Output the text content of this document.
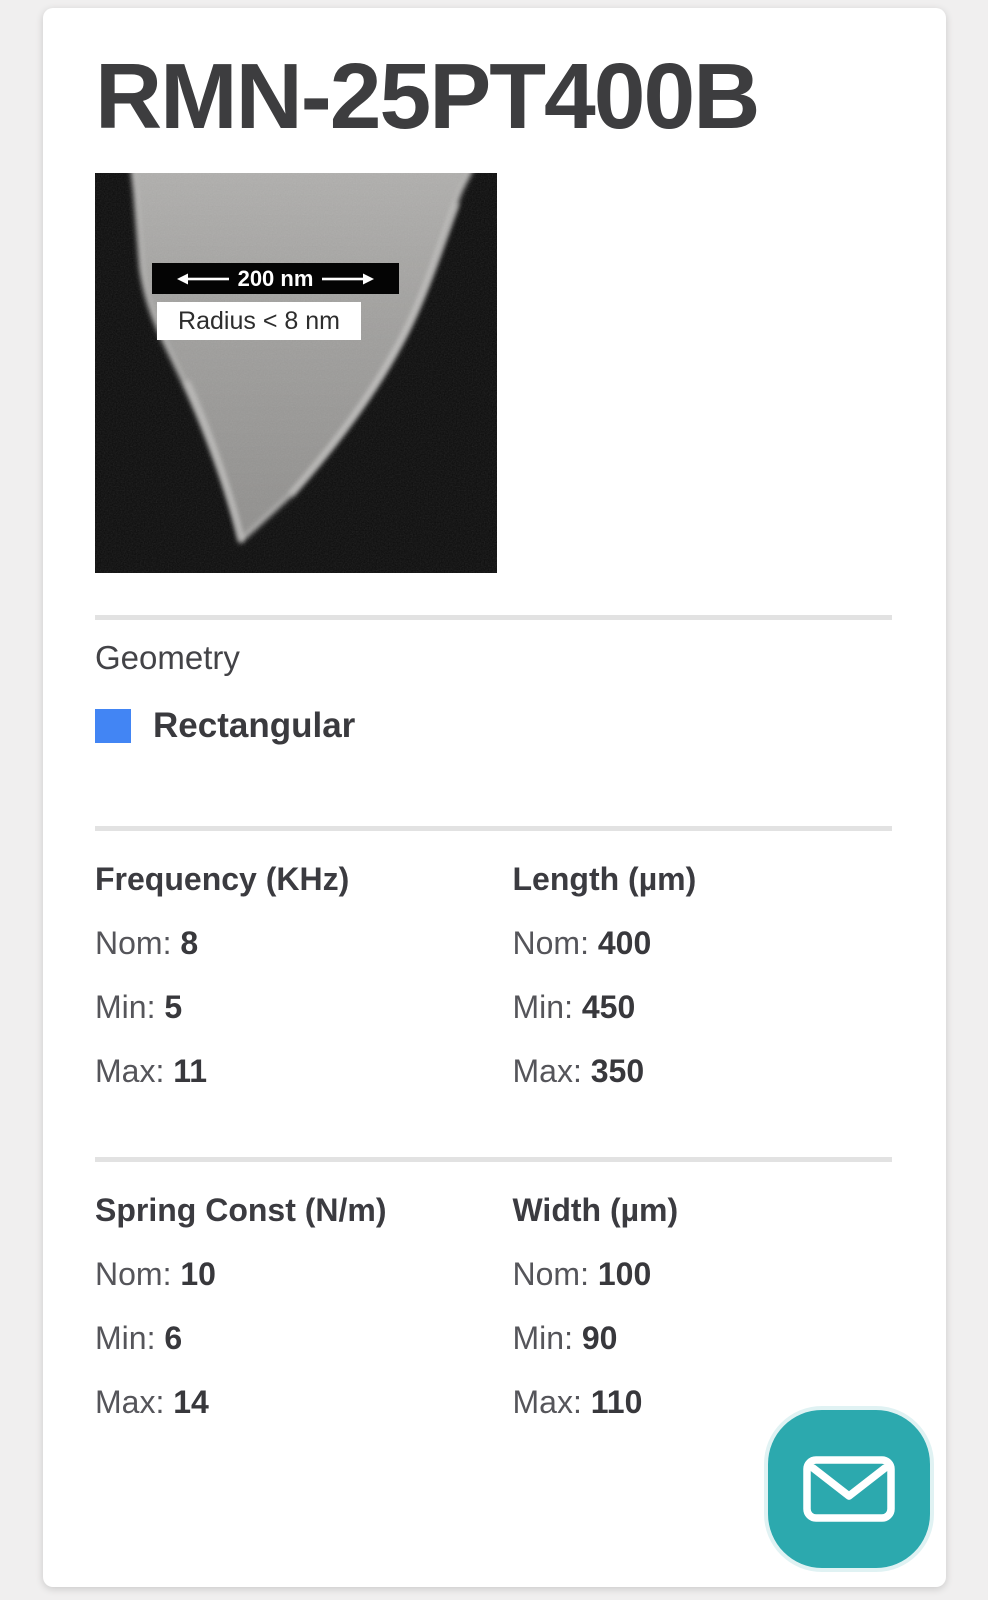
RMN-25PT400B
200 nm
Radius < 8 nm
Geometry
Rectangular
Frequency (KHz)
Nom: 8
Min: 5
Max: 11
Length (µm)
Nom: 400
Min: 450
Max: 350
Spring Const (N/m)
Nom: 10
Min: 6
Max: 14
Width (µm)
Nom: 100
Min: 90
Max: 110
